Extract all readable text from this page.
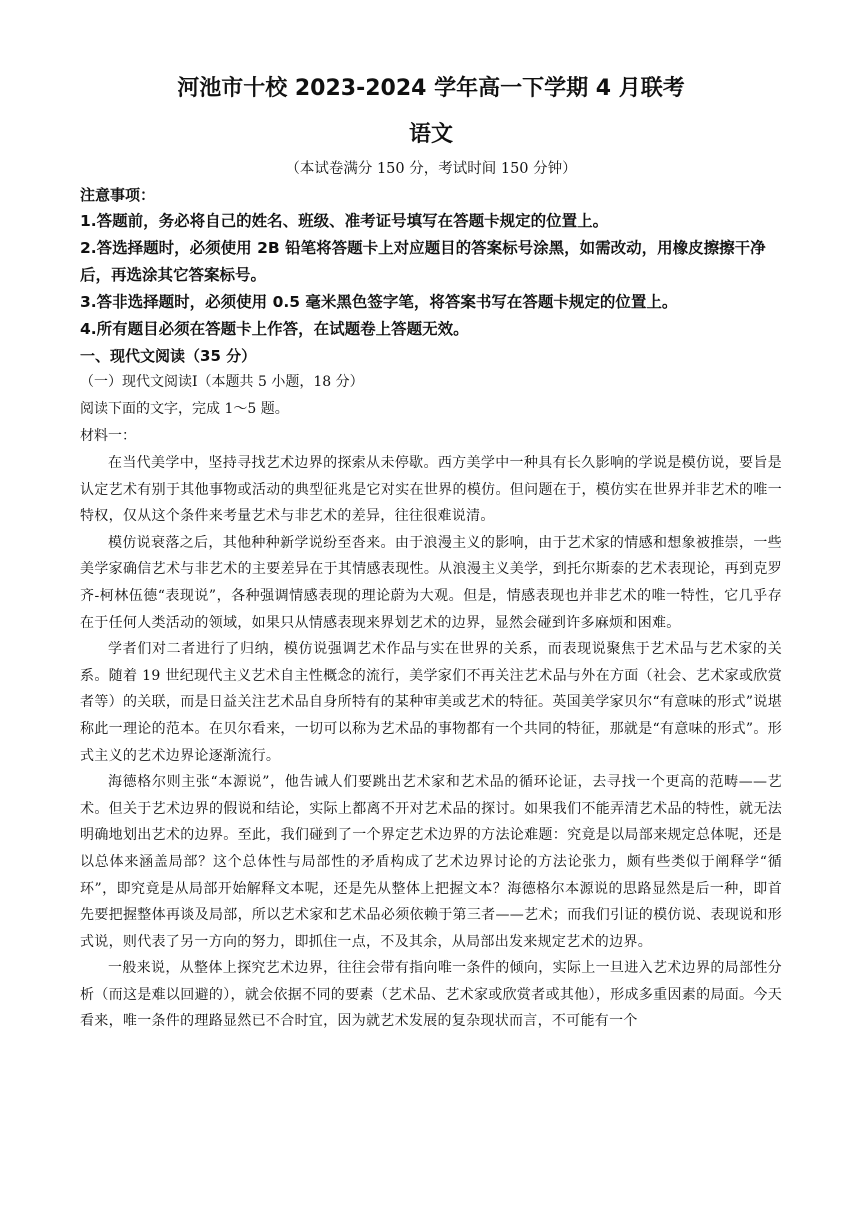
河池市十校 2023-2024 学年高一下学期 4 月联考
语文
（本试卷满分 150 分，考试时间 150 分钟）
注意事项：
1.答题前，务必将自己的姓名、班级、准考证号填写在答题卡规定的位置上。
2.答选择题时，必须使用 2B 铅笔将答题卡上对应题目的答案标号涂黑，如需改动，用橡皮擦擦干净后，再选涂其它答案标号。
3.答非选择题时，必须使用 0.5 毫米黑色签字笔，将答案书写在答题卡规定的位置上。
4.所有题目必须在答题卡上作答，在试题卷上答题无效。
一、现代文阅读（35 分）
（一）现代文阅读Ⅰ（本题共 5 小题，18 分）
阅读下面的文字，完成 1～5 题。
材料一：

在当代美学中，坚持寻找艺术边界的探索从未停歇。西方美学中一种具有长久影响的学说是模仿说，要旨是认定艺术有别于其他事物或活动的典型征兆是它对实在世界的模仿。但问题在于，模仿实在世界并非艺术的唯一特权，仅从这个条件来考量艺术与非艺术的差异，往往很难说清。

模仿说衰落之后，其他种种新学说纷至沓来。由于浪漫主义的影响，由于艺术家的情感和想象被推崇，一些美学家确信艺术与非艺术的主要差异在于其情感表现性。从浪漫主义美学，到托尔斯泰的艺术表现论，再到克罗齐-柯林伍德“表现说”，各种强调情感表现的理论蔚为大观。但是，情感表现也并非艺术的唯一特性，它几乎存在于任何人类活动的领域，如果只从情感表现来界划艺术的边界，显然会碰到许多麻烦和困难。

学者们对二者进行了归纳，模仿说强调艺术作品与实在世界的关系，而表现说聚焦于艺术品与艺术家的关系。随着 19 世纪现代主义艺术自主性概念的流行，美学家们不再关注艺术品与外在方面（社会、艺术家或欣赏者等）的关联，而是日益关注艺术品自身所特有的某种审美或艺术的特征。英国美学家贝尔“有意味的形式”说堪称此一理论的范本。在贝尔看来，一切可以称为艺术品的事物都有一个共同的特征，那就是“有意味的形式”。形式主义的艺术边界论逐渐流行。

海德格尔则主张“本源说”，他告诫人们要跳出艺术家和艺术品的循环论证，去寻找一个更高的范畴——艺术。但关于艺术边界的假说和结论，实际上都离不开对艺术品的探讨。如果我们不能弄清艺术品的特性，就无法明确地划出艺术的边界。至此，我们碰到了一个界定艺术边界的方法论难题：究竟是以局部来规定总体呢，还是以总体来涵盖局部？这个总体性与局部性的矛盾构成了艺术边界讨论的方法论张力，颇有些类似于阐释学“循环”，即究竟是从局部开始解释文本呢，还是先从整体上把握文本？海德格尔本源说的思路显然是后一种，即首先要把握整体再谈及局部，所以艺术家和艺术品必须依赖于第三者——艺术；而我们引证的模仿说、表现说和形式说，则代表了另一方向的努力，即抓住一点，不及其余，从局部出发来规定艺术的边界。

一般来说，从整体上探究艺术边界，往往会带有指向唯一条件的倾向，实际上一旦进入艺术边界的局部性分析（而这是难以回避的），就会依据不同的要素（艺术品、艺术家或欣赏者或其他），形成多重因素的局面。今天看来，唯一条件的理路显然已不合时宜，因为就艺术发展的复杂现状而言，不可能有一个
